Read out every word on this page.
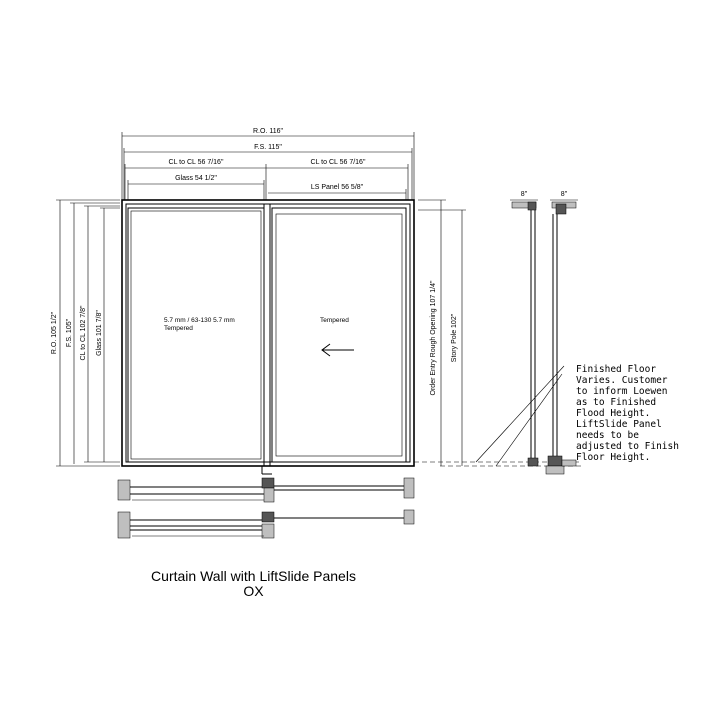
R.O. 116"
F.S. 115"
CL to CL 56 7/16"	CL to CL 56 7/16"
Glass 54 1/2"
LS Panel 56 5/8"
R.O. 105 1/2" F.S. 105" CL to CL 102 7/8" Glass 101 7/8"	Order Entry Rough Opening 107 1/4" Story Pole 102"
5.7 mm / 63-130 5.7 mm
Tempered
Tempered
8"	8"
Finished Floor
Varies. Customer
to inform Loewen
as to Finished
Flood Height.
LiftSlide Panel
needs to be
adjusted to Finish
Floor Height.
Curtain Wall with LiftSlide Panels
OX
